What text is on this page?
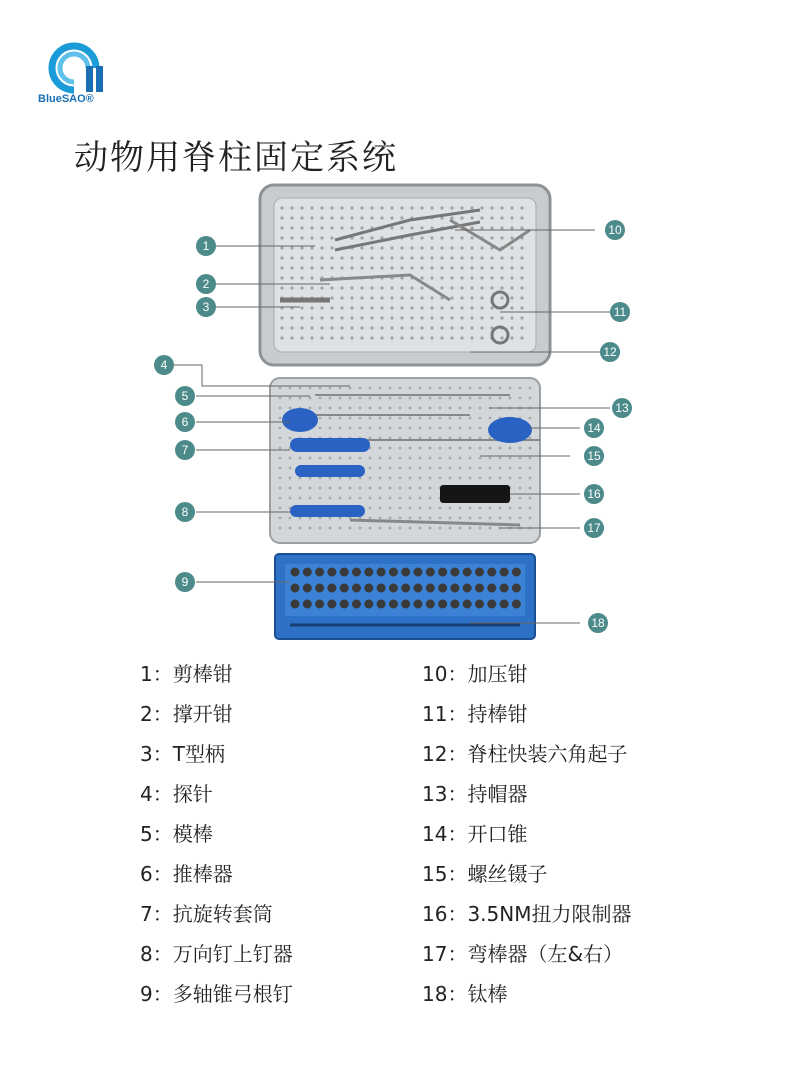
BlueSAO®
动物用脊柱固定系统
1
2
3
4
5
6
7
8
9
10
11
12
13
14
15
16
17
18
1：剪棒钳
2：撑开钳
3：T型柄
4：探针
5：模棒
6：推棒器
7：抗旋转套筒
8：万向钉上钉器
9：多轴锥弓根钉
10：加压钳
11：持棒钳
12：脊柱快装六角起子
13：持帽器
14：开口锥
15：螺丝镊子
16：3.5NM扭力限制器
17：弯棒器（左&右）
18：钛棒
